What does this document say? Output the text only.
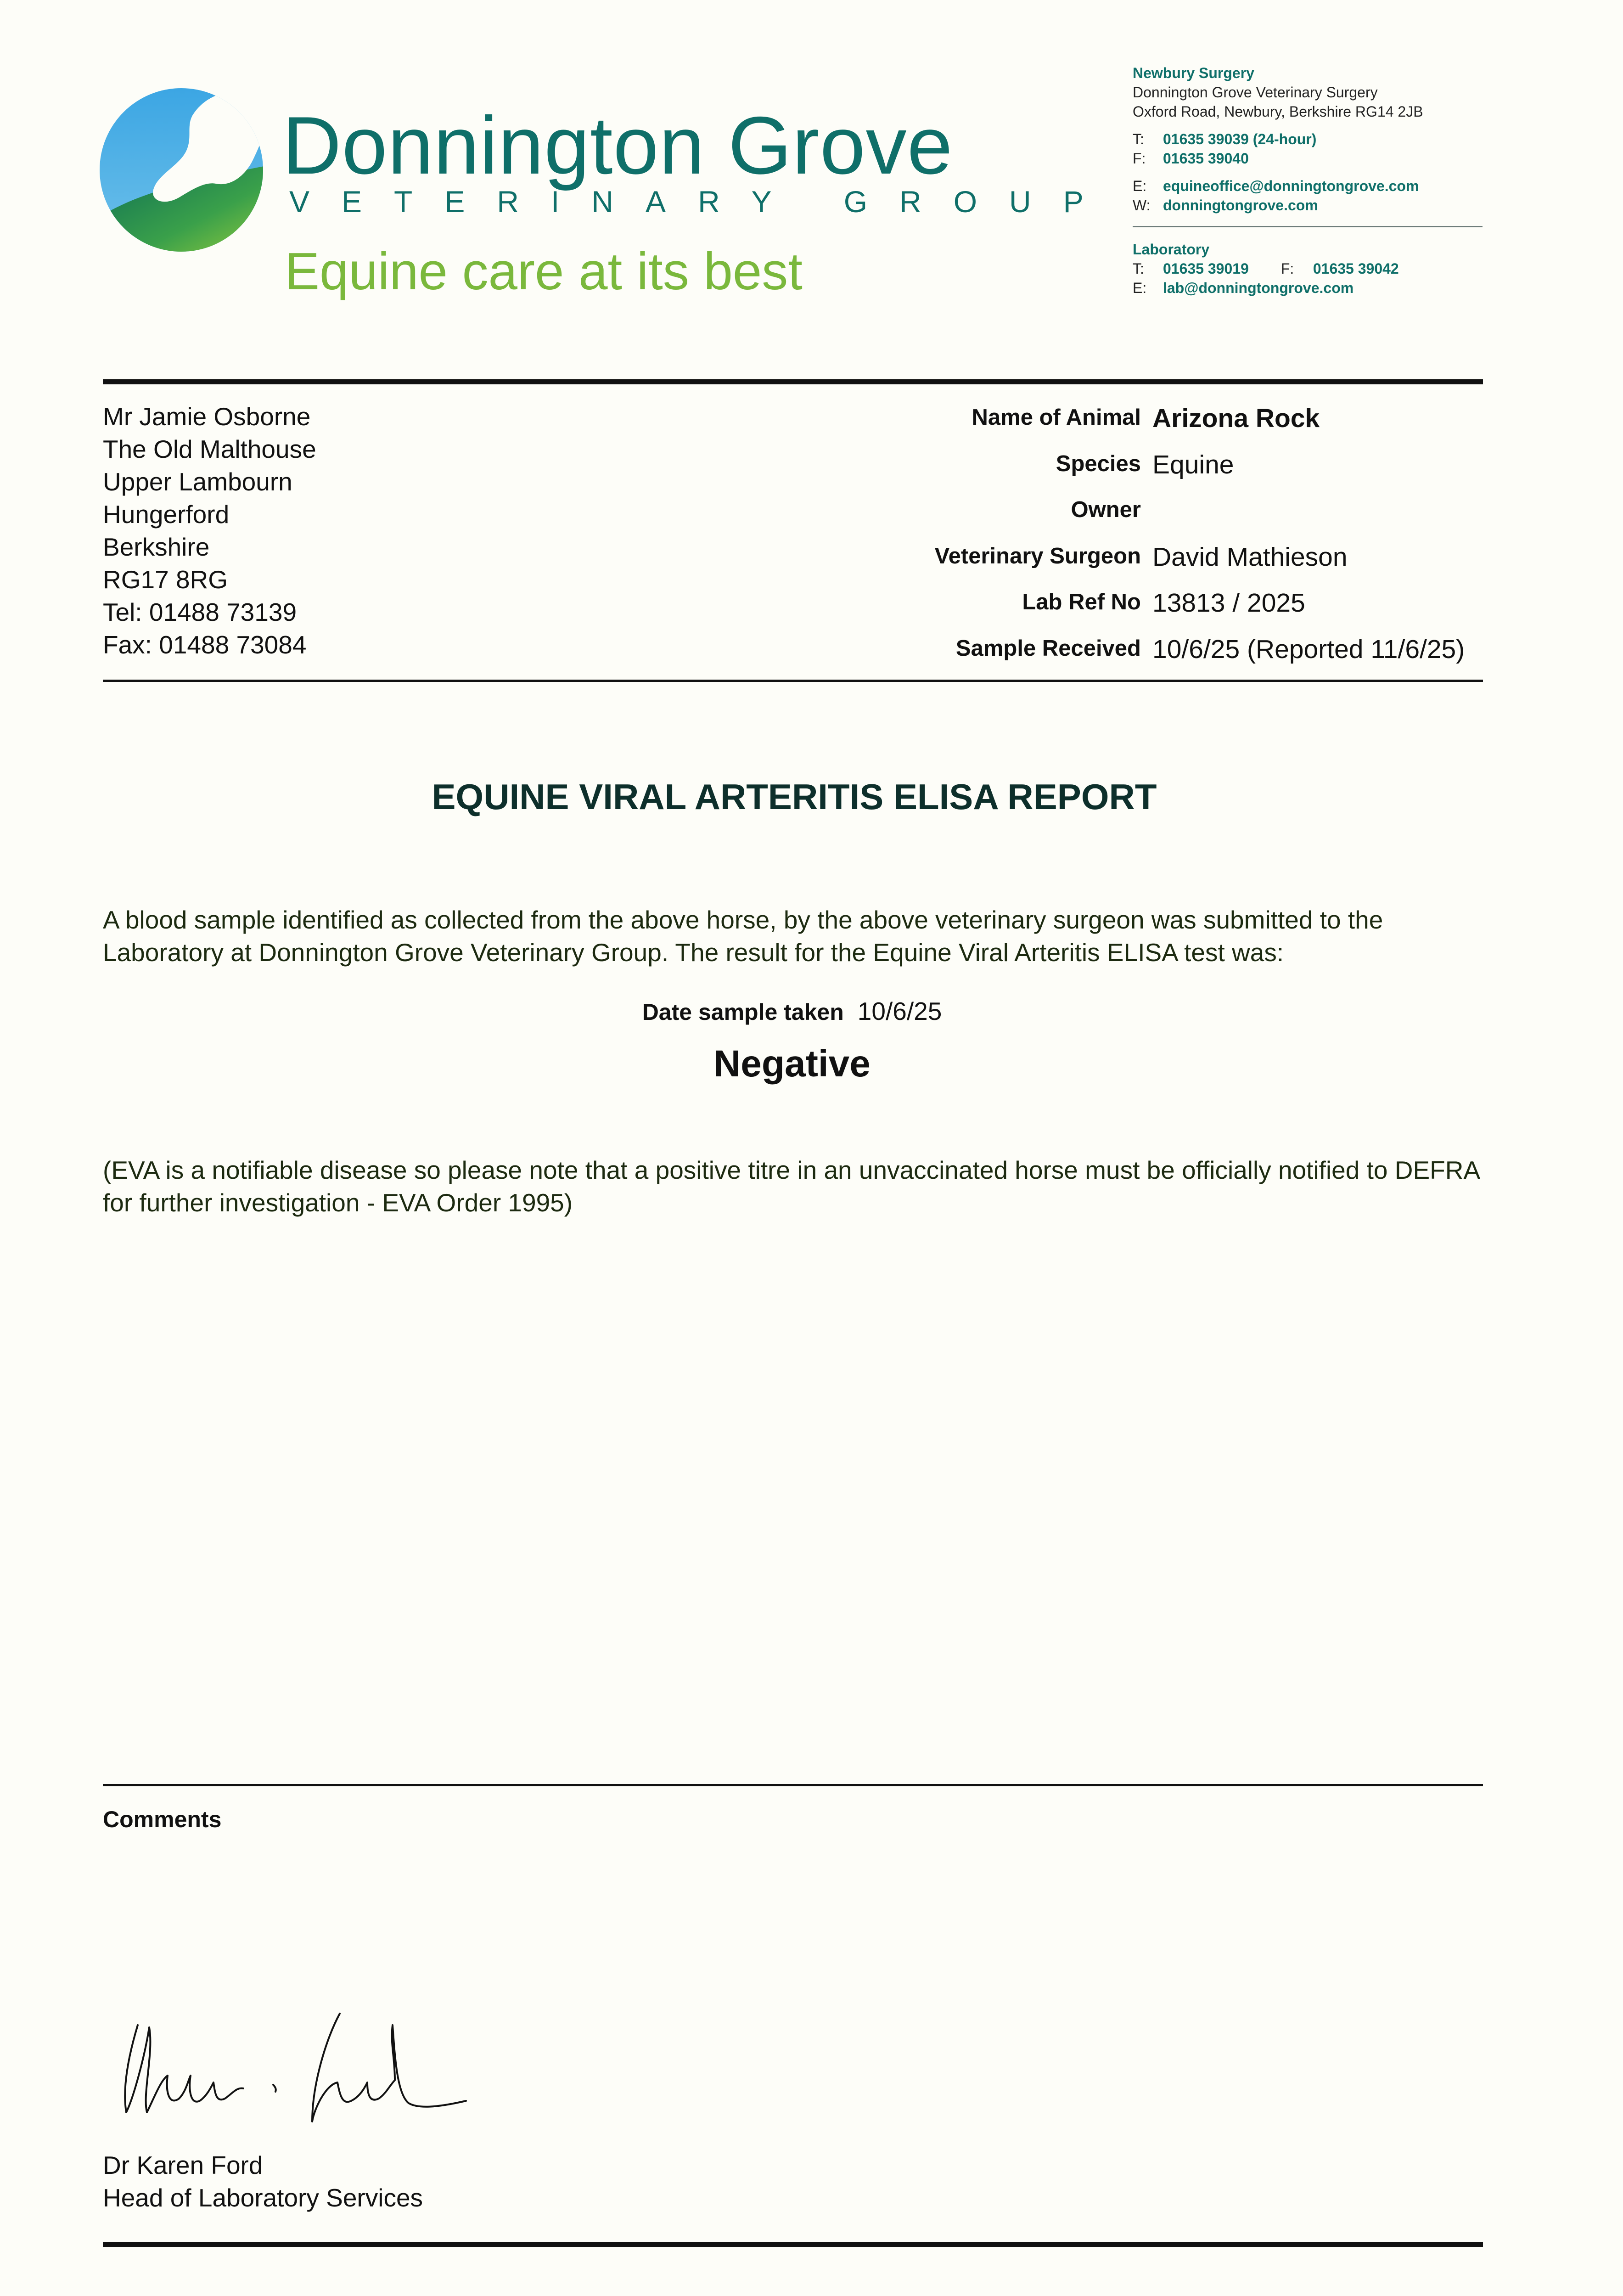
Donnington Grove
VETERINARY GROUP
Equine care at its best
Newbury Surgery
Donnington Grove Veterinary Surgery
Oxford Road, Newbury, Berkshire RG14 2JB
T: 01635 39039 (24-hour)
F: 01635 39040
E: equineoffice@donningtongrove.com
W: donningtongrove.com
Laboratory
T: 01635 39019 F: 01635 39042
E: lab@donningtongrove.com
Mr Jamie Osborne
The Old Malthouse
Upper Lambourn
Hungerford
Berkshire
RG17 8RG
Tel: 01488 73139
Fax: 01488 73084
Name of Animal Arizona Rock
Species Equine
Owner
Veterinary Surgeon David Mathieson
Lab Ref No 13813 / 2025
Sample Received 10/6/25 (Reported 11/6/25)
EQUINE VIRAL ARTERITIS ELISA REPORT
A blood sample identified as collected from the above horse, by the above veterinary surgeon was submitted to the Laboratory at Donnington Grove Veterinary Group. The result for the Equine Viral Arteritis ELISA test was:
Date sample taken 10/6/25
Negative
(EVA is a notifiable disease so please note that a positive titre in an unvaccinated horse must be officially notified to DEFRA for further investigation - EVA Order 1995)
Comments
Dr Karen Ford
Head of Laboratory Services
